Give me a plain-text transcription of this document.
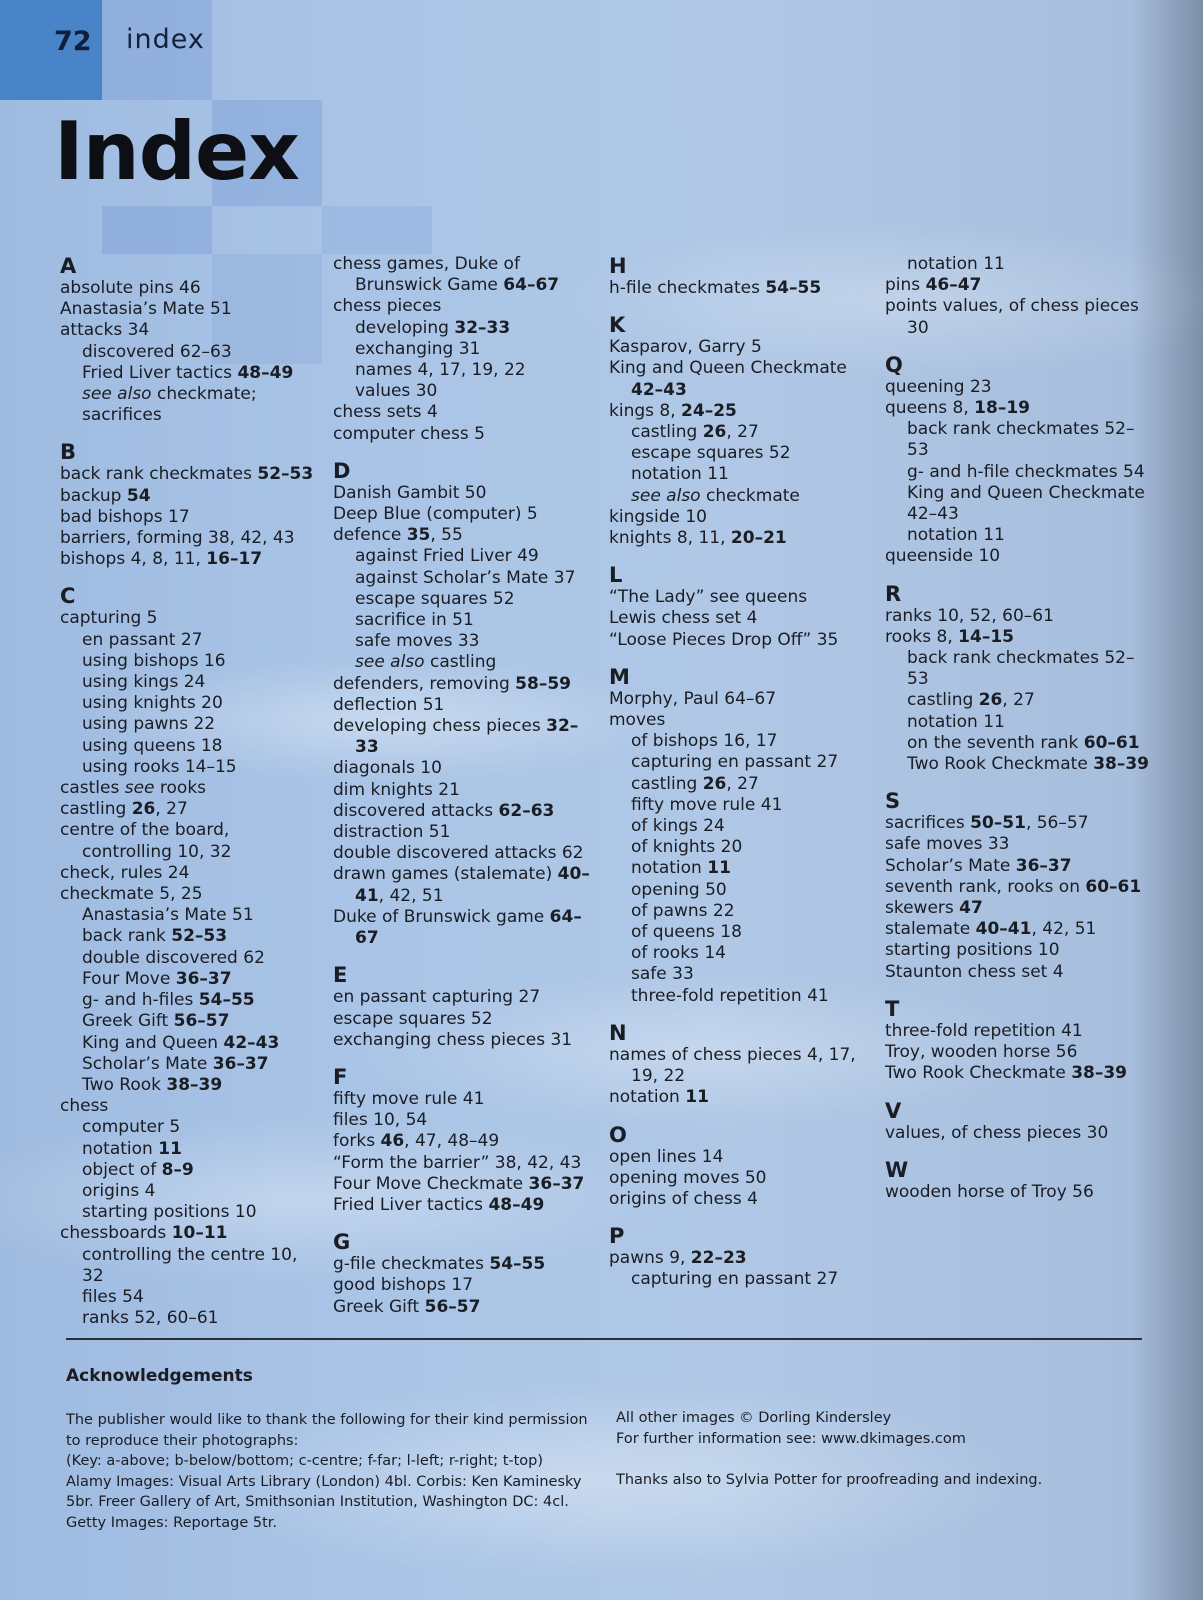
72 index
Index
A
absolute pins 46
Anastasia’s Mate 51
attacks 34
discovered 62–63
Fried Liver tactics 48–49
see also checkmate; sacrifices
B
back rank checkmates 52–53
backup 54
bad bishops 17
barriers, forming 38, 42, 43
bishops 4, 8, 11, 16–17
C
capturing 5
en passant 27
using bishops 16
using kings 24
using knights 20
using pawns 22
using queens 18
using rooks 14–15
castles see rooks
castling 26, 27
centre of the board, controlling 10, 32
check, rules 24
checkmate 5, 25
Anastasia’s Mate 51
back rank 52–53
double discovered 62
Four Move 36–37
g- and h-files 54–55
Greek Gift 56–57
King and Queen 42–43
Scholar’s Mate 36–37
Two Rook 38–39
chess
computer 5
notation 11
object of 8–9
origins 4
starting positions 10
chessboards 10–11
controlling the centre 10, 32
files 54
ranks 52, 60–61
chess games, Duke of Brunswick Game 64–67
chess pieces
developing 32–33
exchanging 31
names 4, 17, 19, 22
values 30
chess sets 4
computer chess 5
D
Danish Gambit 50
Deep Blue (computer) 5
defence 35, 55
against Fried Liver 49
against Scholar’s Mate 37
escape squares 52
sacrifice in 51
safe moves 33
see also castling
defenders, removing 58–59
deflection 51
developing chess pieces 32–33
diagonals 10
dim knights 21
discovered attacks 62–63
distraction 51
double discovered attacks 62
drawn games (stalemate) 40–41, 42, 51
Duke of Brunswick game 64–67
E
en passant capturing 27
escape squares 52
exchanging chess pieces 31
F
fifty move rule 41
files 10, 54
forks 46, 47, 48–49
“Form the barrier” 38, 42, 43
Four Move Checkmate 36–37
Fried Liver tactics 48–49
G
g-file checkmates 54–55
good bishops 17
Greek Gift 56–57
H
h-file checkmates 54–55
K
Kasparov, Garry 5
King and Queen Checkmate 42–43
kings 8, 24–25
castling 26, 27
escape squares 52
notation 11
see also checkmate
kingside 10
knights 8, 11, 20–21
L
“The Lady” see queens
Lewis chess set 4
“Loose Pieces Drop Off” 35
M
Morphy, Paul 64–67
moves
of bishops 16, 17
capturing en passant 27
castling 26, 27
fifty move rule 41
of kings 24
of knights 20
notation 11
opening 50
of pawns 22
of queens 18
of rooks 14
safe 33
three-fold repetition 41
N
names of chess pieces 4, 17, 19, 22
notation 11
O
open lines 14
opening moves 50
origins of chess 4
P
pawns 9, 22–23
capturing en passant 27
notation 11
pins 46–47
points values, of chess pieces 30
Q
queening 23
queens 8, 18–19
back rank checkmates 52–53
g- and h-file checkmates 54
King and Queen Checkmate 42–43
notation 11
queenside 10
R
ranks 10, 52, 60–61
rooks 8, 14–15
back rank checkmates 52–53
castling 26, 27
notation 11
on the seventh rank 60–61
Two Rook Checkmate 38–39
S
sacrifices 50–51, 56–57
safe moves 33
Scholar’s Mate 36–37
seventh rank, rooks on 60–61
skewers 47
stalemate 40–41, 42, 51
starting positions 10
Staunton chess set 4
T
three-fold repetition 41
Troy, wooden horse 56
Two Rook Checkmate 38–39
V
values, of chess pieces 30
W
wooden horse of Troy 56
Acknowledgements
The publisher would like to thank the following for their kind permission to reproduce their photographs:
(Key: a-above; b-below/bottom; c-centre; f-far; l-left; r-right; t-top)
Alamy Images: Visual Arts Library (London) 4bl. Corbis: Ken Kaminesky 5br. Freer Gallery of Art, Smithsonian Institution, Washington DC: 4cl. Getty Images: Reportage 5tr.
All other images © Dorling Kindersley
For further information see: www.dkimages.com
Thanks also to Sylvia Potter for proofreading and indexing.
